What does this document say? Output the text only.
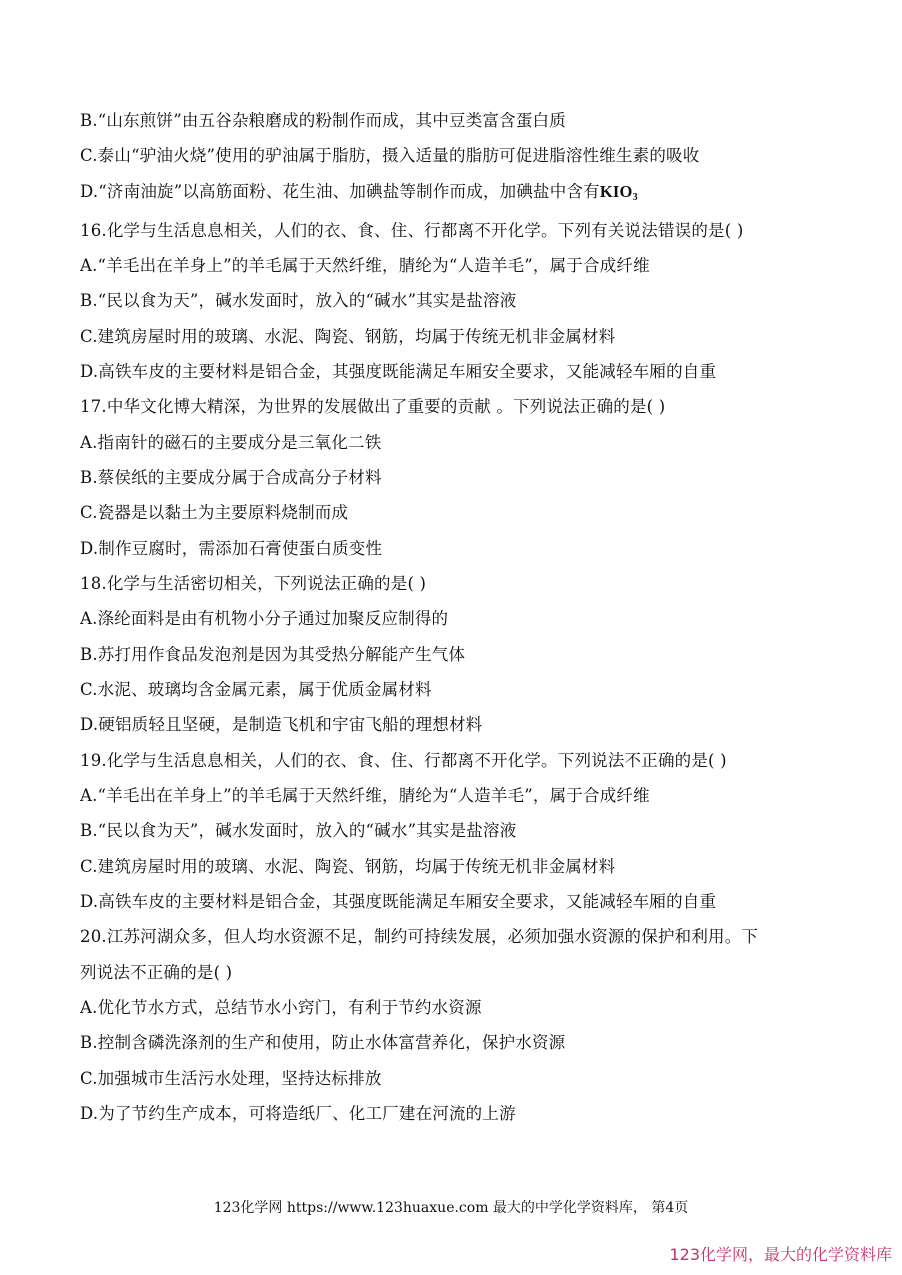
B.“山东煎饼”由五谷杂粮磨成的粉制作而成，其中豆类富含蛋白质

C.泰山“驴油火烧”使用的驴油属于脂肪，摄入适量的脂肪可促进脂溶性维生素的吸收

D.“济南油旋”以高筋面粉、花生油、加碘盐等制作而成，加碘盐中含有$KIO_3$

16.化学与生活息息相关，人们的衣、食、住、行都离不开化学。下列有关说法错误的是( )

A.“羊毛出在羊身上”的羊毛属于天然纤维，腈纶为“人造羊毛”，属于合成纤维

B.“民以食为天”，碱水发面时，放入的“碱水”其实是盐溶液

C.建筑房屋时用的玻璃、水泥、陶瓷、钢筋，均属于传统无机非金属材料

D.高铁车皮的主要材料是铝合金，其强度既能满足车厢安全要求，又能减轻车厢的自重

17.中华文化博大精深，为世界的发展做出了重要的贡献 。下列说法正确的是( )

A.指南针的磁石的主要成分是三氧化二铁

B.蔡侯纸的主要成分属于合成高分子材料

C.瓷器是以黏土为主要原料烧制而成

D.制作豆腐时，需添加石膏使蛋白质变性

18.化学与生活密切相关，下列说法正确的是( )

A.涤纶面料是由有机物小分子通过加聚反应制得的

B.苏打用作食品发泡剂是因为其受热分解能产生气体

C.水泥、玻璃均含金属元素，属于优质金属材料

D.硬铝质轻且坚硬，是制造飞机和宇宙飞船的理想材料

19.化学与生活息息相关，人们的衣、食、住、行都离不开化学。下列说法不正确的是( )

A.“羊毛出在羊身上”的羊毛属于天然纤维，腈纶为“人造羊毛”，属于合成纤维

B.“民以食为天”，碱水发面时，放入的“碱水”其实是盐溶液

C.建筑房屋时用的玻璃、水泥、陶瓷、钢筋，均属于传统无机非金属材料

D.高铁车皮的主要材料是铝合金，其强度既能满足车厢安全要求，又能减轻车厢的自重

20.江苏河湖众多，但人均水资源不足，制约可持续发展，必须加强水资源的保护和利用。下

列说法不正确的是( )

A.优化节水方式，总结节水小窍门，有利于节约水资源

B.控制含磷洗涤剂的生产和使用，防止水体富营养化，保护水资源

C.加强城市生活污水处理，坚持达标排放

D.为了节约生产成本，可将造纸厂、化工厂建在河流的上游

123化学网 https://www.123huaxue.com 最大的中学化学资料库， 第4页
123化学网，最大的化学资料库
